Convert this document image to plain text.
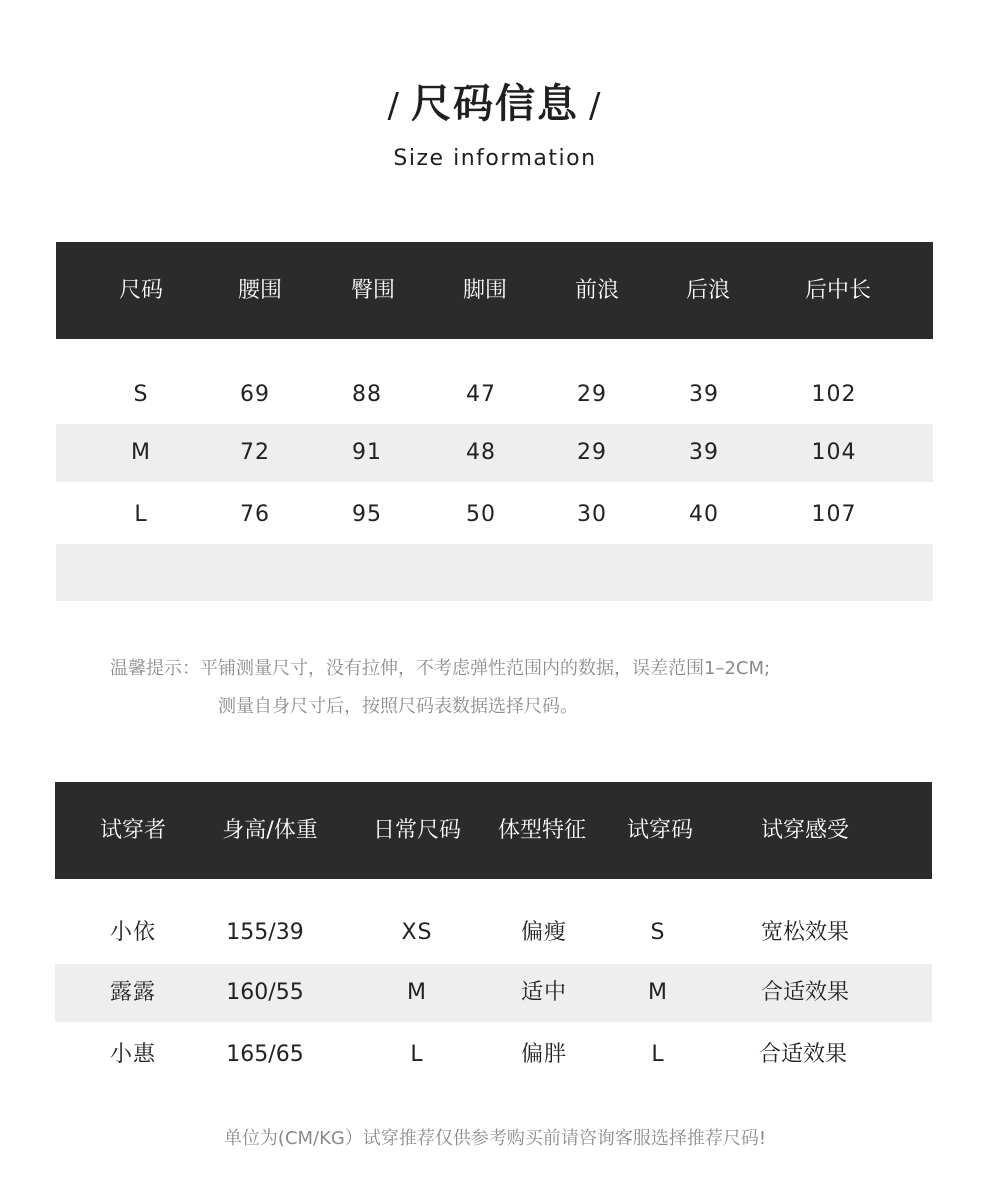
/ 尺码信息 /
Size information
尺码	腰围	臀围	脚围	前浪	后浪	后中长
S	69	88	47	29	39	102
M	72	91	48	29	39	104
L	76	95	50	30	40	107
温馨提示：平铺测量尺寸，没有拉伸，不考虑弹性范围内的数据，误差范围1–2CM;
测量自身尺寸后，按照尺码表数据选择尺码。
试穿者	身高/体重	日常尺码	体型特征	试穿码	试穿感受
小依	155/39	XS	偏瘦	S	宽松效果
露露	160/55	M	适中	M	合适效果
小惠	165/65	L	偏胖	L	合适效果
单位为(CM/KG）试穿推荐仅供参考购买前请咨询客服选择推荐尺码!
